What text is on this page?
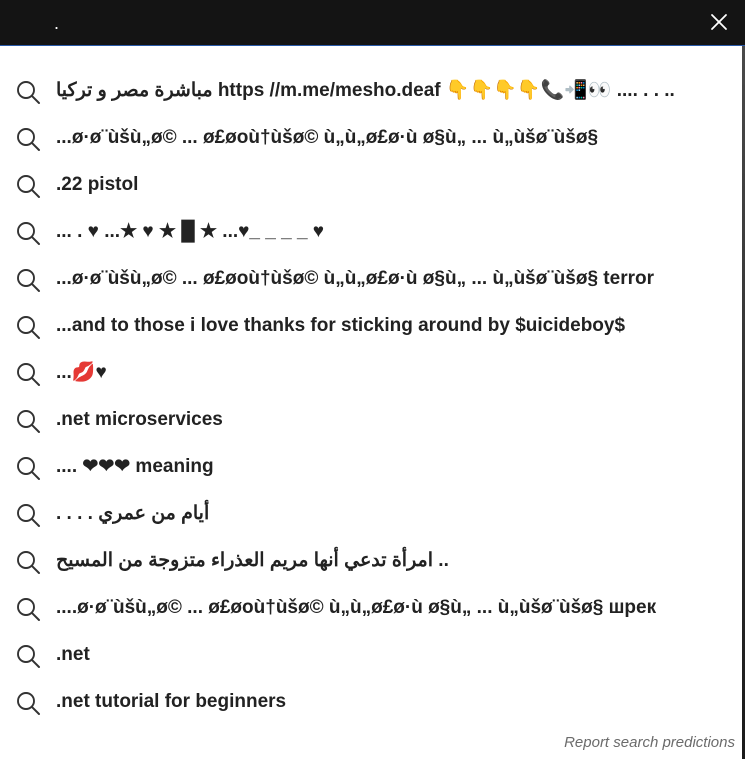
.
مباشرة مصر و تركيا https //m.me/mesho.deaf 👇👇👇👇📞📲👀 .... . . ..
...ø·ø¨ùšù„ø© ... ø£øoù†ùšø© ù„ù„ø£ø·ù ø§ù„ ... ù„ùšø¨ùšø§
.22 pistol
... . ♥ ...★ ♥ ★ █ ★ ...♥_ _ _ _ ♥
...ø·ø¨ùšù„ø© ... ø£øoù†ùšø© ù„ù„ø£ø·ù ø§ù„ ... ù„ùšø¨ùšø§ terror
...and to those i love thanks for sticking around by $uicideboy$
...💋♥
.net microservices
.... ❤❤❤ meaning
. . . . أيام من عمري
امرأة تدعي أنها مريم العذراء متزوجة من المسيح ..
....ø·ø¨ùšù„ø© ... ø£øoù†ùšø© ù„ù„ø£ø·ù ø§ù„ ... ù„ùšø¨ùšø§ шрек
.net
.net tutorial for beginners
Report search predictions
